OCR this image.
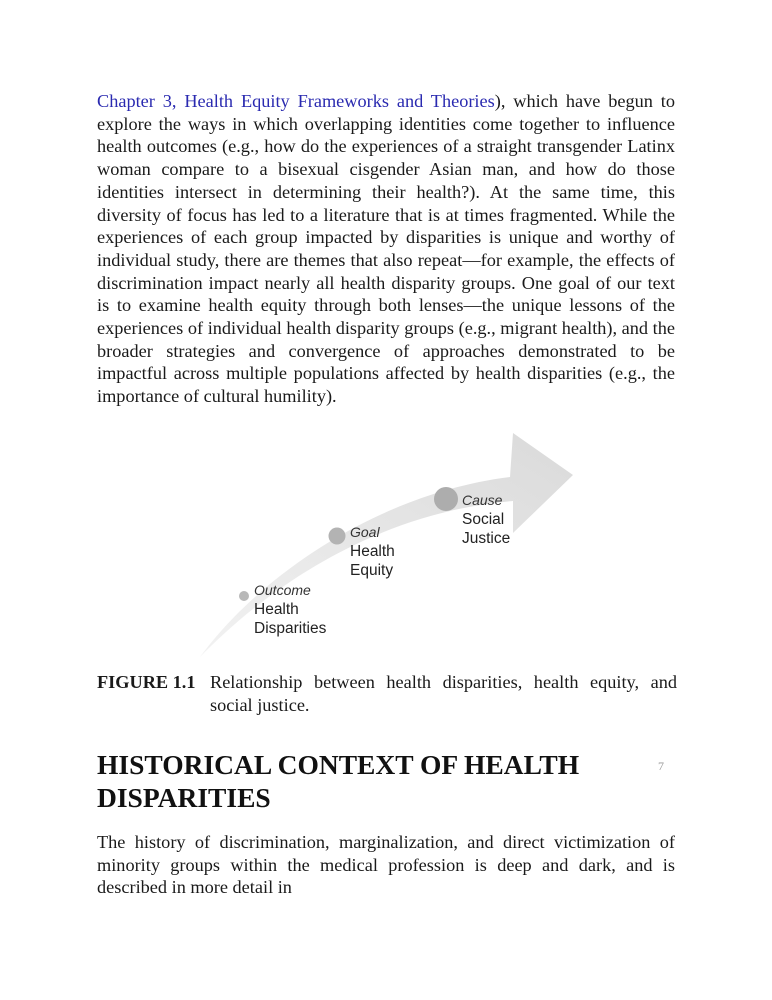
Chapter 3, Health Equity Frameworks and Theories), which have begun to explore the ways in which overlapping identities come together to influence health outcomes (e.g., how do the experiences of a straight transgender Latinx woman compare to a bisexual cisgender Asian man, and how do those identities intersect in determining their health?). At the same time, this diversity of focus has led to a literature that is at times fragmented. While the experiences of each group impacted by disparities is unique and worthy of individual study, there are themes that also repeat—for example, the effects of discrimination impact nearly all health disparity groups. One goal of our text is to examine health equity through both lenses—the unique lessons of the experiences of individual health disparity groups (e.g., migrant health), and the broader strategies and convergence of approaches demonstrated to be impactful across multiple populations affected by health disparities (e.g., the importance of cultural humility).

Outcome
Health
Disparities
Goal
Health
Equity
Cause
Social
Justice
FIGURE 1.1 Relationship between health disparities, health equity, and social justice.
HISTORICAL CONTEXT OF HEALTH DISPARITIES
7

The history of discrimination, marginalization, and direct victimization of minority groups within the medical profession is deep and dark, and is described in more detail in
